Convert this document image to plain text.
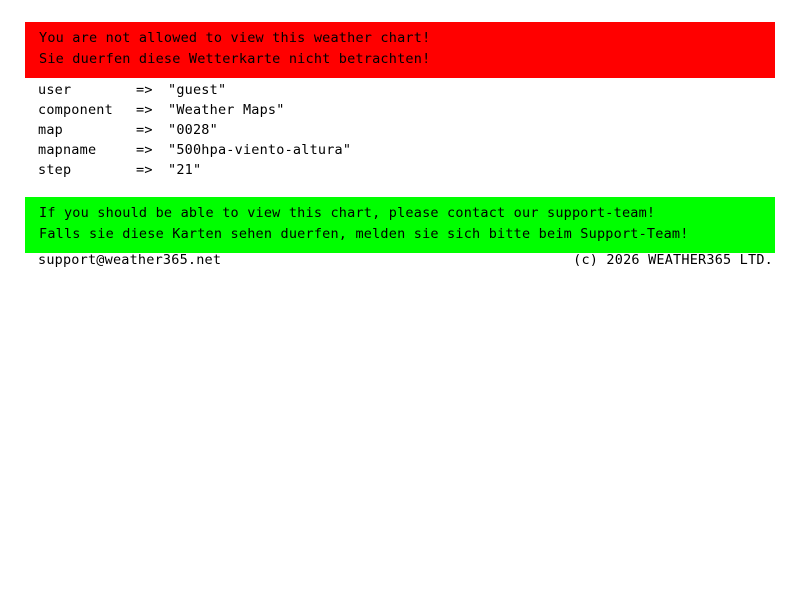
You are not allowed to view this weather chart!
Sie duerfen diese Wetterkarte nicht betrachten!
user	=>	"guest"
component	=>	"Weather Maps"
map	=>	"0028"
mapname	=>	"500hpa-viento-altura"
step	=>	"21"
If you should be able to view this chart, please contact our support-team!
Falls sie diese Karten sehen duerfen, melden sie sich bitte beim Support-Team!
support@weather365.net	(c) 2026 WEATHER365 LTD.
